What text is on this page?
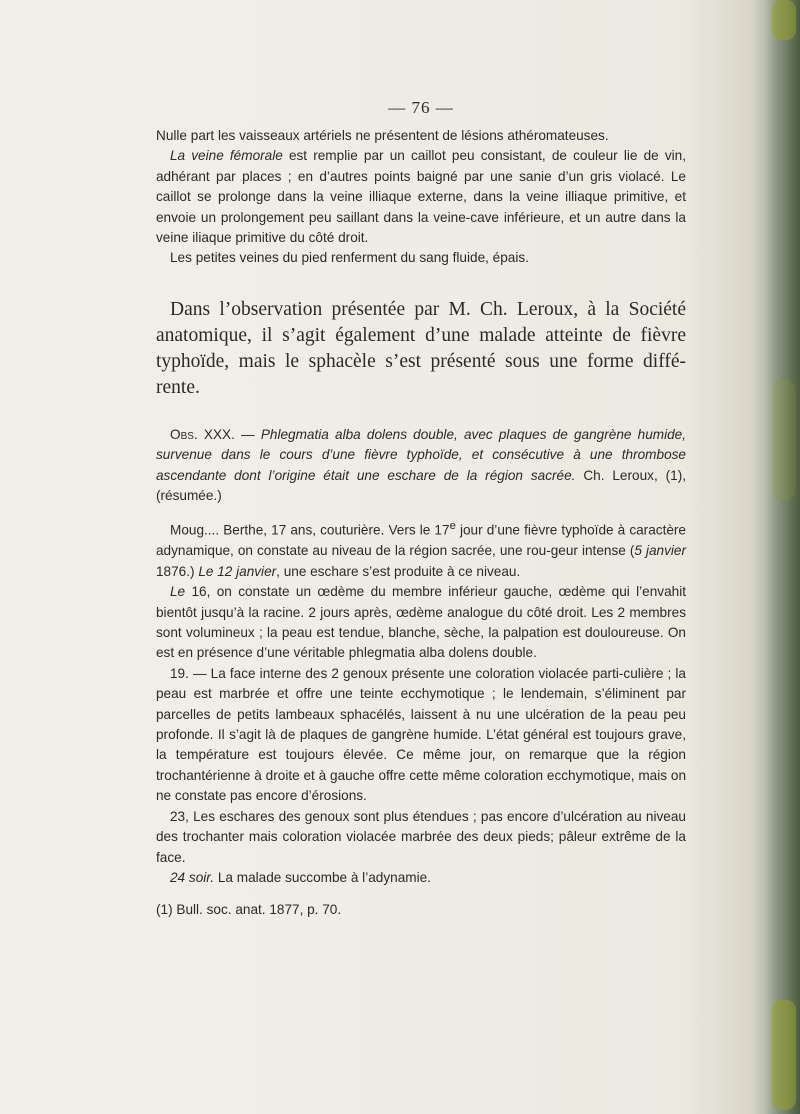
— 76 —

Nulle part les vaisseaux artériels ne présentent de lésions athéromateuses.

La veine fémorale est remplie par un caillot peu consistant, de couleur lie de vin, adhérant par places ; en d’autres points baigné par une sanie d’un gris violacé. Le caillot se prolonge dans la veine illiaque externe, dans la veine illiaque primitive, et envoie un prolongement peu saillant dans la veine-cave inférieure, et un autre dans la veine iliaque primitive du côté droit.

Les petites veines du pied renferment du sang fluide, épais.

Dans l’observation présentée par M. Ch. Leroux, à la Société anatomique, il s’agit également d’une malade atteinte de fièvre typhoïde, mais le sphacèle s’est présenté sous une forme diffé-rente.

Obs. XXX. — Phlegmatia alba dolens double, avec plaques de gangrène humide, survenue dans le cours d’une fièvre typhoïde, et consécutive à une thrombose ascendante dont l’origine était une eschare de la région sacrée. Ch. Leroux, (1), (résumée.)

Moug.... Berthe, 17 ans, couturière. Vers le 17e jour d’une fièvre typhoïde à caractère adynamique, on constate au niveau de la région sacrée, une rou-geur intense (5 janvier 1876.) Le 12 janvier, une eschare s’est produite à ce niveau.

Le 16, on constate un œdème du membre inférieur gauche, œdème qui l’envahit bientôt jusqu’à la racine. 2 jours après, œdème analogue du côté droit. Les 2 membres sont volumineux ; la peau est tendue, blanche, sèche, la palpation est douloureuse. On est en présence d’une véritable phlegmatia alba dolens double.

19. — La face interne des 2 genoux présente une coloration violacée parti-culière ; la peau est marbrée et offre une teinte ecchymotique ; le lendemain, s’éliminent par parcelles de petits lambeaux sphacélés, laissent à nu une ulcération de la peau peu profonde. Il s’agit là de plaques de gangrène humide. L’état général est toujours grave, la température est toujours élevée. Ce même jour, on remarque que la région trochantérienne à droite et à gauche offre cette même coloration ecchymotique, mais on ne constate pas encore d’érosions.

23, Les eschares des genoux sont plus étendues ; pas encore d’ulcération au niveau des trochanter mais coloration violacée marbrée des deux pieds; pâleur extrême de la face.

24 soir. La malade succombe à l’adynamie.

(1) Bull. soc. anat. 1877, p. 70.
